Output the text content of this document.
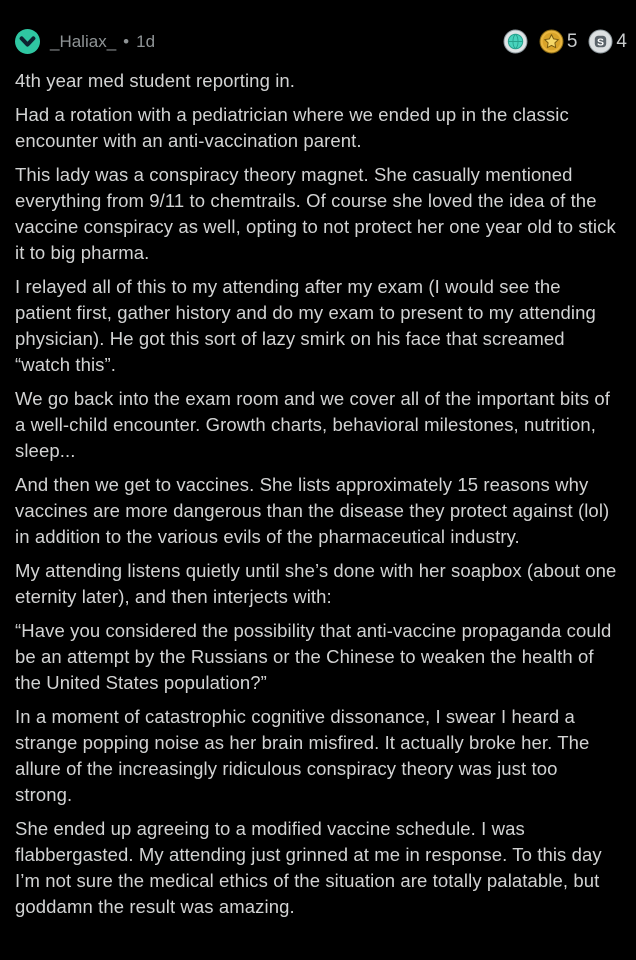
_Haliax_ • 1d	5 S 4

4th year med student reporting in.

Had a rotation with a pediatrician where we ended up in the classic encounter with an anti-vaccination parent.

This lady was a conspiracy theory magnet. She casually mentioned everything from 9/11 to chemtrails. Of course she loved the idea of the vaccine conspiracy as well, opting to not protect her one year old to stick it to big pharma.

I relayed all of this to my attending after my exam (I would see the patient first, gather history and do my exam to present to my attending physician). He got this sort of lazy smirk on his face that screamed “watch this”.

We go back into the exam room and we cover all of the important bits of a well-child encounter. Growth charts, behavioral milestones, nutrition, sleep...

And then we get to vaccines. She lists approximately 15 reasons why vaccines are more dangerous than the disease they protect against (lol) in addition to the various evils of the pharmaceutical industry.

My attending listens quietly until she’s done with her soapbox (about one eternity later), and then interjects with:

“Have you considered the possibility that anti-vaccine propaganda could be an attempt by the Russians or the Chinese to weaken the health of the United States population?”

In a moment of catastrophic cognitive dissonance, I swear I heard a strange popping noise as her brain misfired. It actually broke her. The allure of the increasingly ridiculous conspiracy theory was just too strong.

She ended up agreeing to a modified vaccine schedule. I was flabbergasted. My attending just grinned at me in response. To this day I’m not sure the medical ethics of the situation are totally palatable, but goddamn the result was amazing.
